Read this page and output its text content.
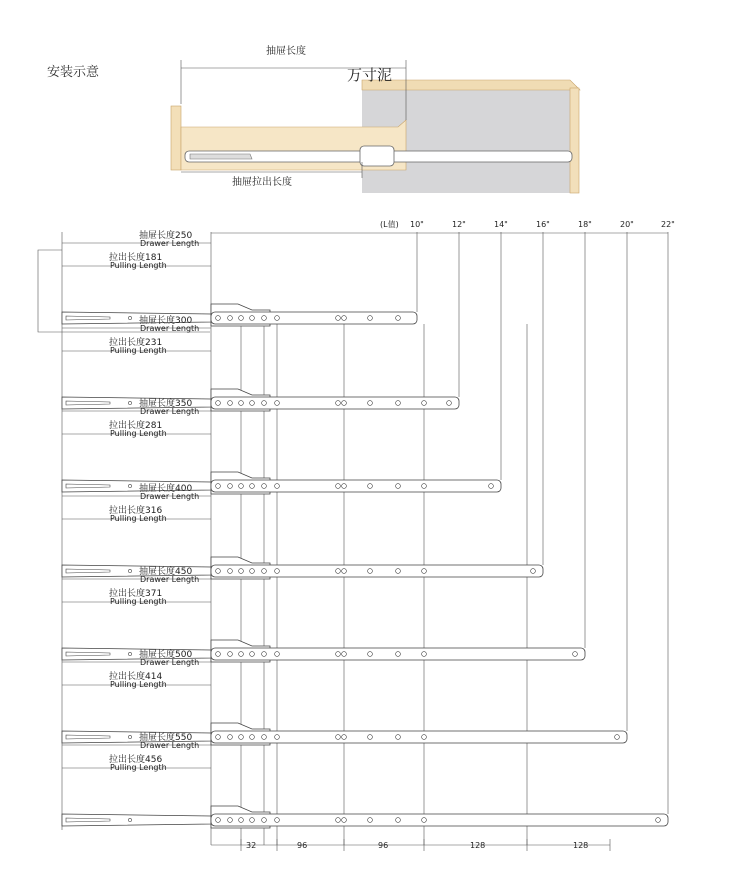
安装示意
抽屉长度
万寸泥
抽屉拉出长度
(L值) 10"	12"	14"	16"	18"	20"	22"
抽屉长度250
Drawer Length
拉出长度181
Pulling Length
抽屉长度300
Drawer Length
拉出长度231
Pulling Length
抽屉长度350
Drawer Length
拉出长度281
Pulling Length
抽屉长度400
Drawer Length
拉出长度316
Pulling Length
抽屉长度450
Drawer Length
拉出长度371
Pulling Length
抽屉长度500
Drawer Length
拉出长度414
Pulling Length
抽屉长度550
Drawer Length
拉出长度456
Pulling Length
32	96	96	128	128
